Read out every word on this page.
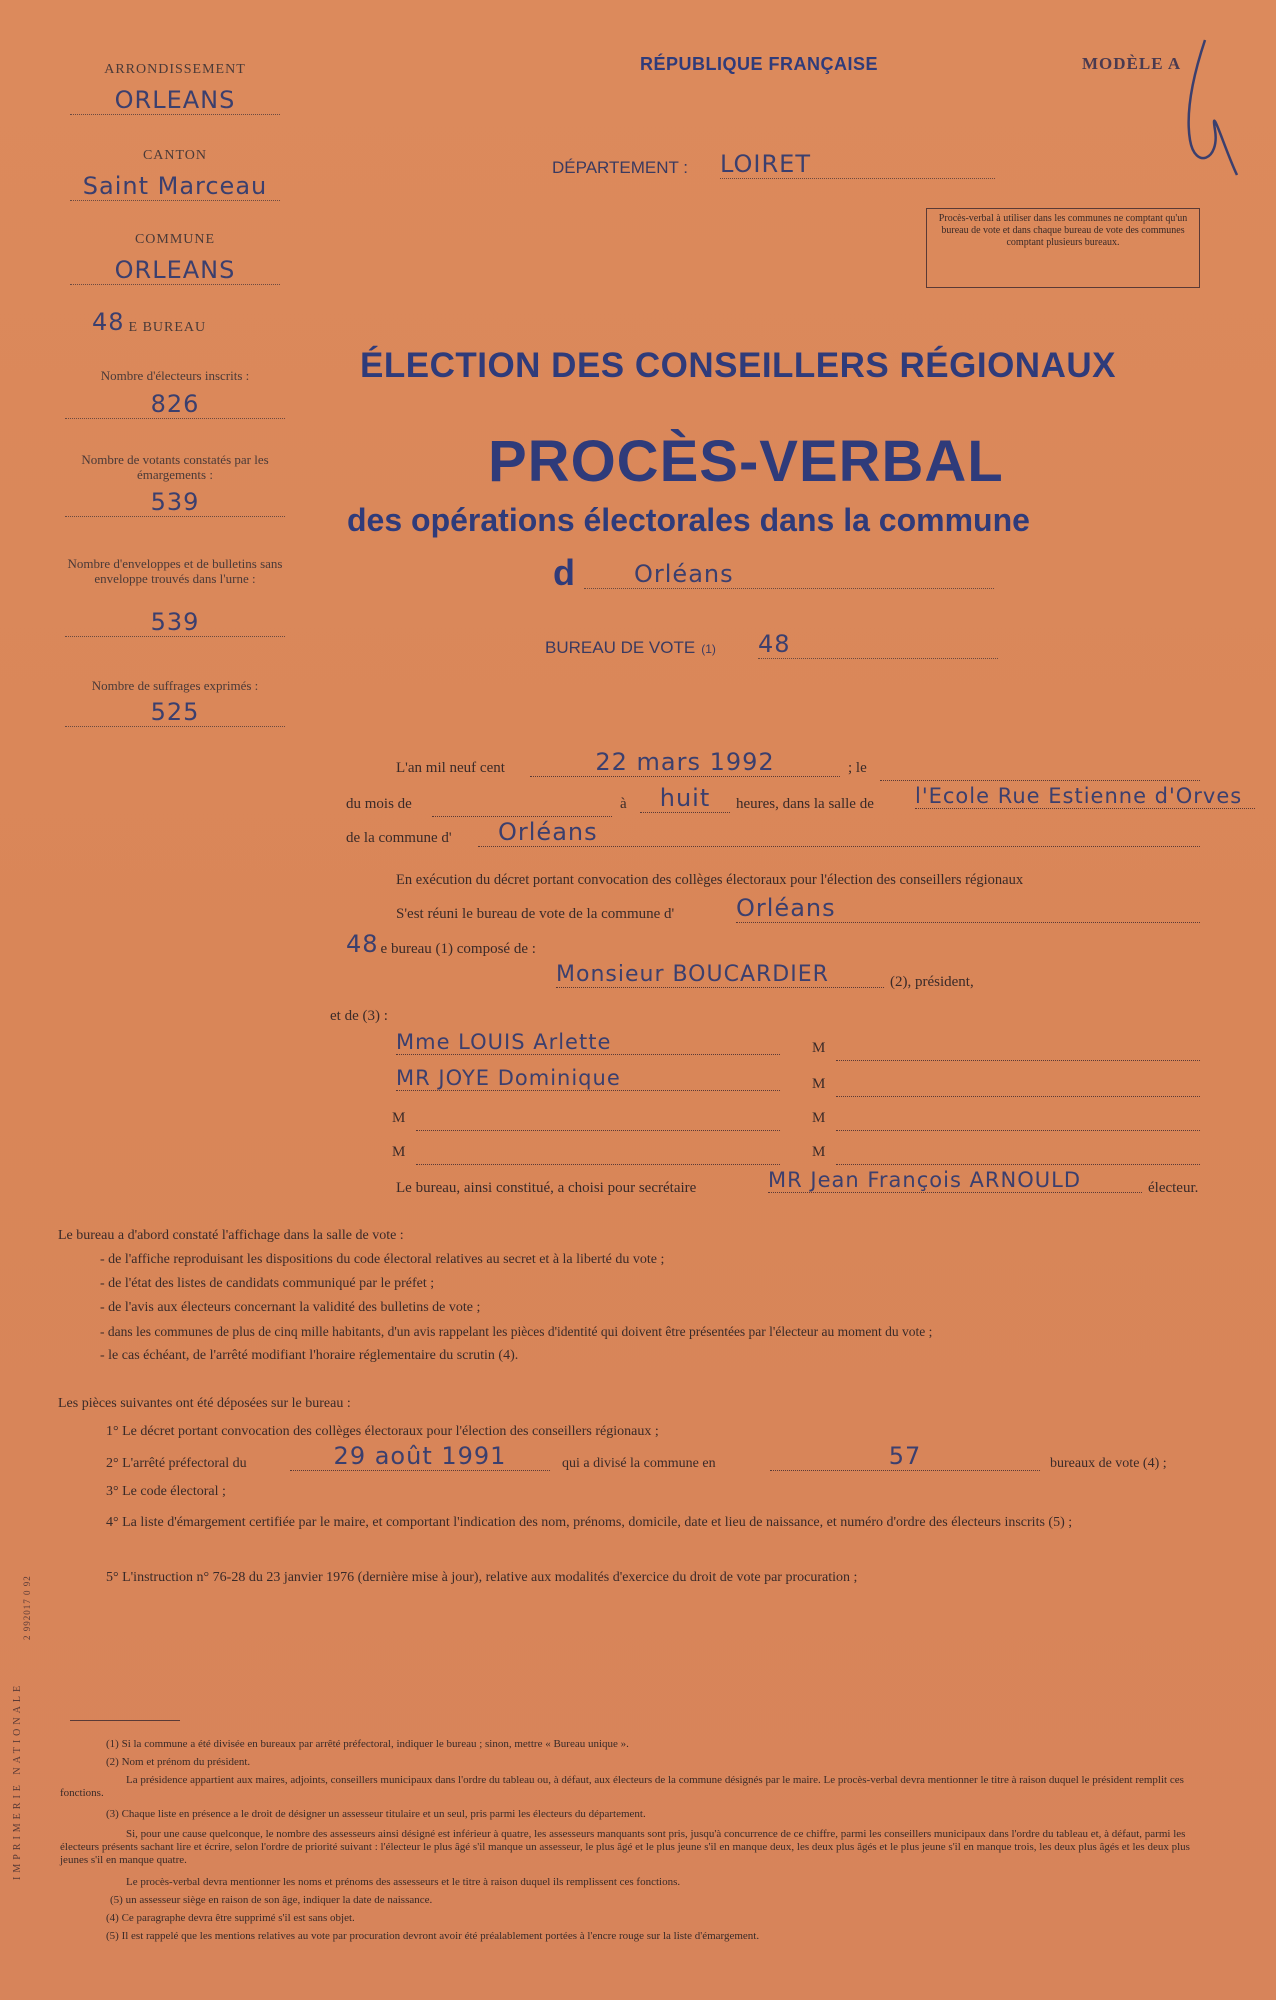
ARRONDISSEMENT
ORLEANS
CANTON
Saint Marceau
COMMUNE
ORLEANS
48 E BUREAU
Nombre d'électeurs inscrits :
826
Nombre de votants constatés par les émargements :
539
Nombre d'enveloppes et de bulletins sans enveloppe trouvés dans l'urne :
539
Nombre de suffrages exprimés :
525
RÉPUBLIQUE FRANÇAISE	MODÈLE A
DÉPARTEMENT : LOIRET
Procès-verbal à utiliser dans les communes ne comptant qu'un bureau de vote et dans chaque bureau de vote des communes comptant plusieurs bureaux.
ÉLECTION DES CONSEILLERS RÉGIONAUX
PROCÈS-VERBAL
des opérations électorales dans la commune
d	Orléans
BUREAU DE VOTE (1) 48
L'an mil neuf cent	22 mars 1992	; le
du mois de	à	huit	heures, dans la salle de l'Ecole Rue Estienne d'Orves
de la commune d'	Orléans
En exécution du décret portant convocation des collèges électoraux pour l'élection des conseillers régionaux
S'est réuni le bureau de vote de la commune d'	Orléans
48 e bureau (1) composé de :
Monsieur BOUCARDIER	(2), président,
et de (3) :
Mme LOUIS Arlette	M
MR JOYE Dominique	M
M	M
M	M
Le bureau, ainsi constitué, a choisi pour secrétaire	MR Jean François ARNOULD	électeur.
Le bureau a d'abord constaté l'affichage dans la salle de vote :
- de l'affiche reproduisant les dispositions du code électoral relatives au secret et à la liberté du vote ;
- de l'état des listes de candidats communiqué par le préfet ;
- de l'avis aux électeurs concernant la validité des bulletins de vote ;
- dans les communes de plus de cinq mille habitants, d'un avis rappelant les pièces d'identité qui doivent être présentées par l'électeur au moment du vote ;
- le cas échéant, de l'arrêté modifiant l'horaire réglementaire du scrutin (4).
Les pièces suivantes ont été déposées sur le bureau :
1° Le décret portant convocation des collèges électoraux pour l'élection des conseillers régionaux ;
2° L'arrêté préfectoral du	29 août 1991	qui a divisé la commune en	57	bureaux de vote (4) ;
3° Le code électoral ;
4° La liste d'émargement certifiée par le maire, et comportant l'indication des nom, prénoms, domicile, date et lieu de naissance, et numéro d'ordre des électeurs inscrits (5) ;
5° L'instruction n° 76-28 du 23 janvier 1976 (dernière mise à jour), relative aux modalités d'exercice du droit de vote par procuration ;
IMPRIMERIE NATIONALE
2 992017 0 92
(1) Si la commune a été divisée en bureaux par arrêté préfectoral, indiquer le bureau ; sinon, mettre « Bureau unique ».
(2) Nom et prénom du président.
La présidence appartient aux maires, adjoints, conseillers municipaux dans l'ordre du tableau ou, à défaut, aux électeurs de la commune désignés par le maire. Le procès-verbal devra mentionner le titre à raison duquel le président remplit ces fonctions.
(3) Chaque liste en présence a le droit de désigner un assesseur titulaire et un seul, pris parmi les électeurs du département.
Si, pour une cause quelconque, le nombre des assesseurs ainsi désigné est inférieur à quatre, les assesseurs manquants sont pris, jusqu'à concurrence de ce chiffre, parmi les conseillers municipaux dans l'ordre du tableau et, à défaut, parmi les électeurs présents sachant lire et écrire, selon l'ordre de priorité suivant : l'électeur le plus âgé s'il manque un assesseur, le plus âgé et le plus jeune s'il en manque deux, les deux plus âgés et le plus jeune s'il en manque trois, les deux plus âgés et les deux plus jeunes s'il en manque quatre.
Le procès-verbal devra mentionner les noms et prénoms des assesseurs et le titre à raison duquel ils remplissent ces fonctions.
(5) un assesseur siège en raison de son âge, indiquer la date de naissance.
(4) Ce paragraphe devra être supprimé s'il est sans objet.
(5) Il est rappelé que les mentions relatives au vote par procuration devront avoir été préalablement portées à l'encre rouge sur la liste d'émargement.
